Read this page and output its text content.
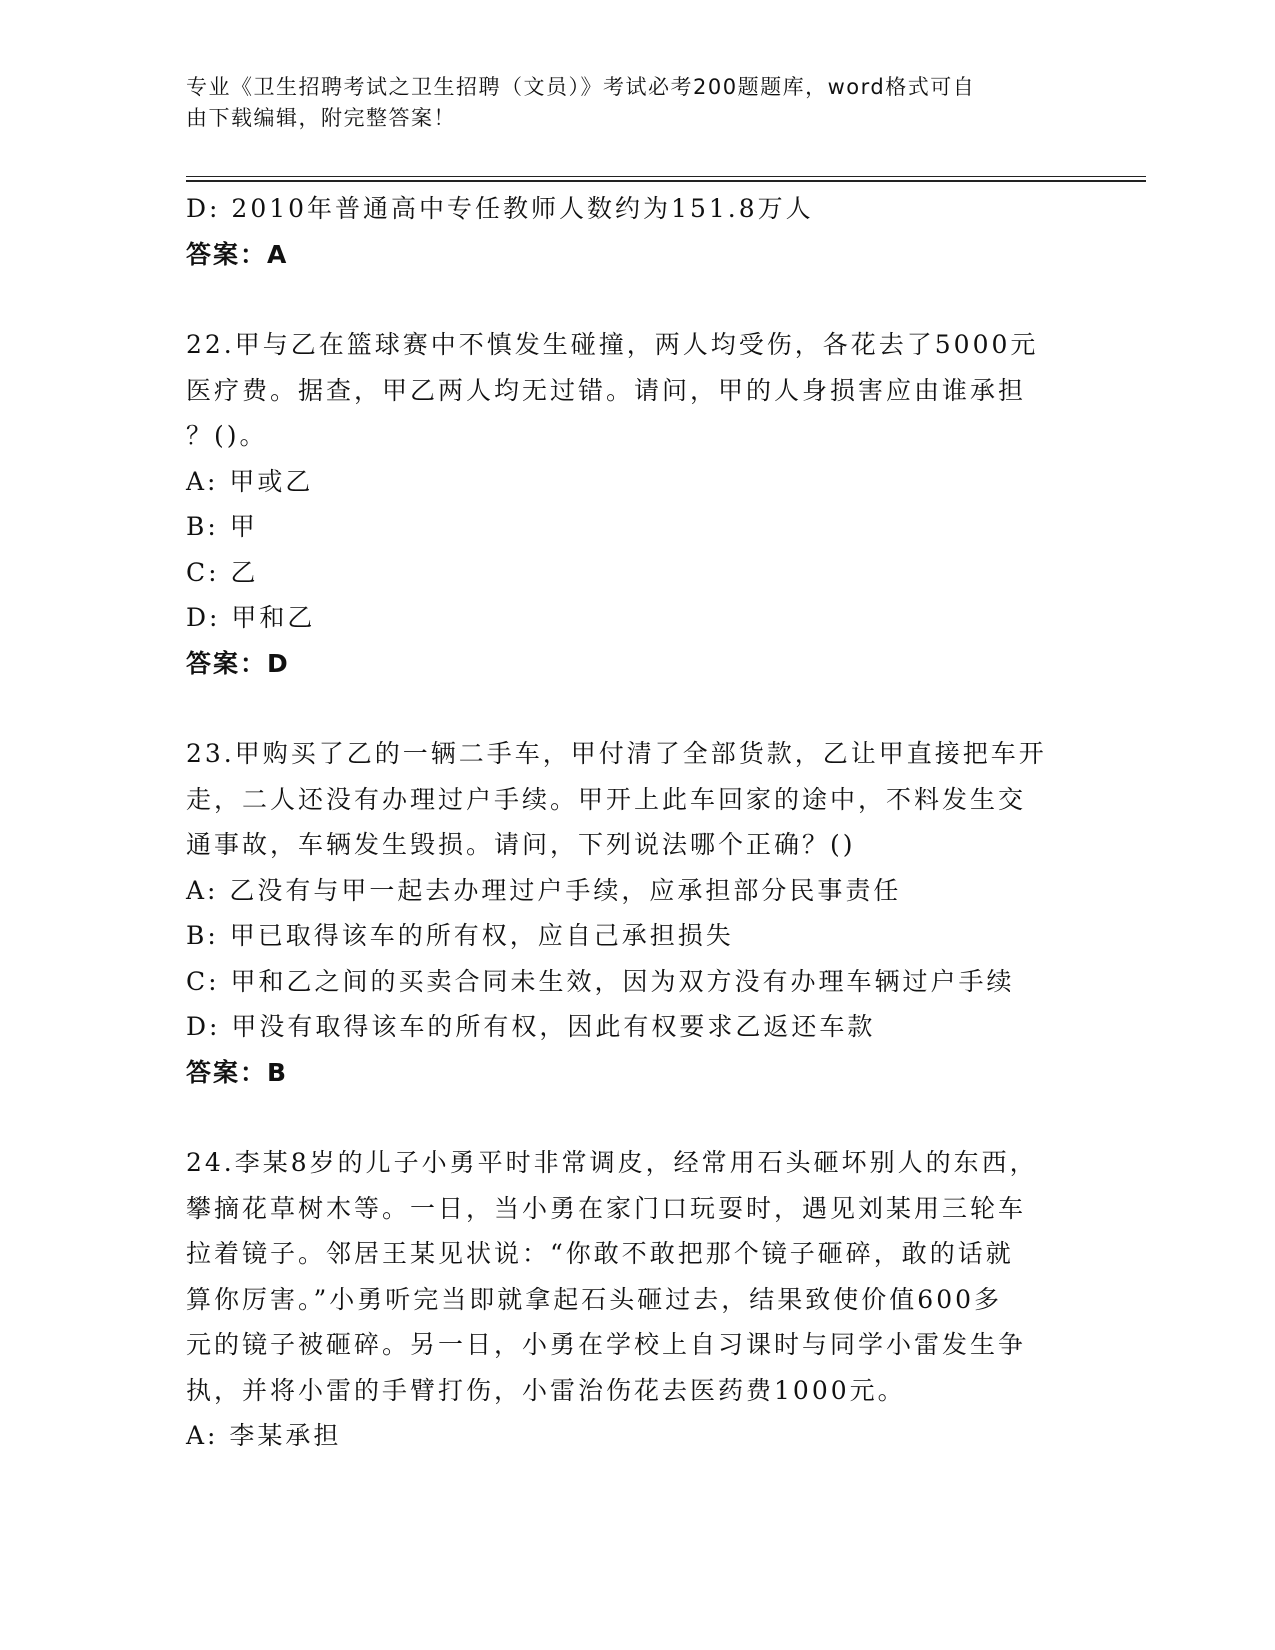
专业《卫生招聘考试之卫生招聘（文员）》考试必考200题题库，word格式可自
由下载编辑，附完整答案！
D: 2010年普通高中专任教师人数约为151.8万人
答案：A
22.甲与乙在篮球赛中不慎发生碰撞，两人均受伤，各花去了5000元
医疗费。据查，甲乙两人均无过错。请问，甲的人身损害应由谁承担
？()。
A: 甲或乙
B: 甲
C: 乙
D: 甲和乙
答案：D
23.甲购买了乙的一辆二手车，甲付清了全部货款，乙让甲直接把车开
走，二人还没有办理过户手续。甲开上此车回家的途中，不料发生交
通事故，车辆发生毁损。请问，下列说法哪个正确？()
A: 乙没有与甲一起去办理过户手续，应承担部分民事责任
B: 甲已取得该车的所有权，应自己承担损失
C: 甲和乙之间的买卖合同未生效，因为双方没有办理车辆过户手续
D: 甲没有取得该车的所有权，因此有权要求乙返还车款
答案：B
24.李某8岁的儿子小勇平时非常调皮，经常用石头砸坏别人的东西，
攀摘花草树木等。一日，当小勇在家门口玩耍时，遇见刘某用三轮车
拉着镜子。邻居王某见状说：“你敢不敢把那个镜子砸碎，敢的话就
算你厉害。”小勇听完当即就拿起石头砸过去，结果致使价值600多
元的镜子被砸碎。另一日，小勇在学校上自习课时与同学小雷发生争
执，并将小雷的手臂打伤，小雷治伤花去医药费1000元。
A: 李某承担
